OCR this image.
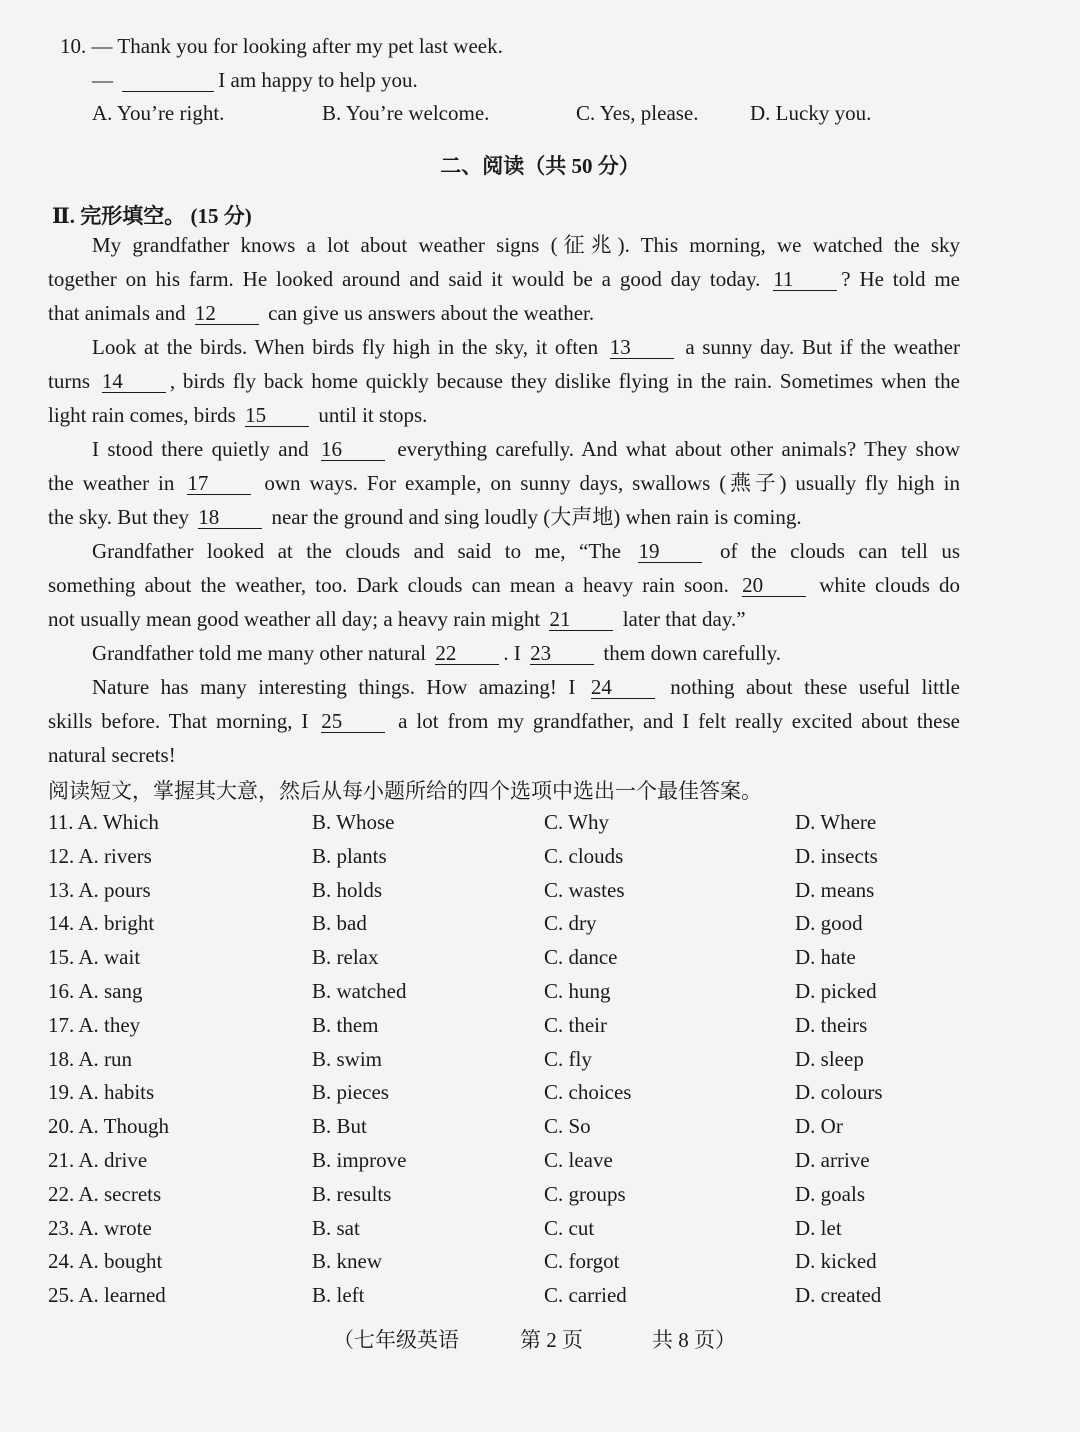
10. — Thank you for looking after my pet last week.
—	I am happy to help you.
A. You’re right.	B. You’re welcome.	C. Yes, please. D. Lucky you.
二、阅读（共 50 分）
Ⅱ. 完形填空。 (15 分)
My grandfather knows a lot about weather signs (征兆). This morning, we watched the sky
together on his farm. He looked around and said it would be a good day today. 11 ? He told me
that animals and 12 can give us answers about the weather.
Look at the birds. When birds fly high in the sky, it often 13 a sunny day. But if the weather
turns 14 , birds fly back home quickly because they dislike flying in the rain. Sometimes when the
light rain comes, birds 15 until it stops.
I stood there quietly and 16 everything carefully. And what about other animals? They show
the weather in 17 own ways. For example, on sunny days, swallows (燕子) usually fly high in
the sky. But they 18 near the ground and sing loudly (大声地) when rain is coming.
Grandfather looked at the clouds and said to me, “The 19 of the clouds can tell us
something about the weather, too. Dark clouds can mean a heavy rain soon. 20 white clouds do
not usually mean good weather all day; a heavy rain might 21 later that day.”
Grandfather told me many other natural 22 . I 23 them down carefully.
Nature has many interesting things. How amazing! I 24 nothing about these useful little
skills before. That morning, I 25 a lot from my grandfather, and I felt really excited about these
natural secrets!
阅读短文，掌握其大意，然后从每小题所给的四个选项中选出一个最佳答案。
11. A. Which	B. Whose	C. Why	D. Where
12. A. rivers	B. plants	C. clouds	D. insects
13. A. pours	B. holds	C. wastes	D. means
14. A. bright	B. bad	C. dry	D. good
15. A. wait	B. relax	C. dance	D. hate
16. A. sang	B. watched	C. hung	D. picked
17. A. they	B. them	C. their	D. theirs
18. A. run	B. swim	C. fly	D. sleep
19. A. habits	B. pieces	C. choices	D. colours
20. A. Though	B. But	C. So	D. Or
21. A. drive	B. improve	C. leave	D. arrive
22. A. secrets	B. results	C. groups	D. goals
23. A. wrote	B. sat	C. cut	D. let
24. A. bought	B. knew	C. forgot	D. kicked
25. A. learned	B. left	C. carried	D. created
（七年级英语	第 2 页	共 8 页）
